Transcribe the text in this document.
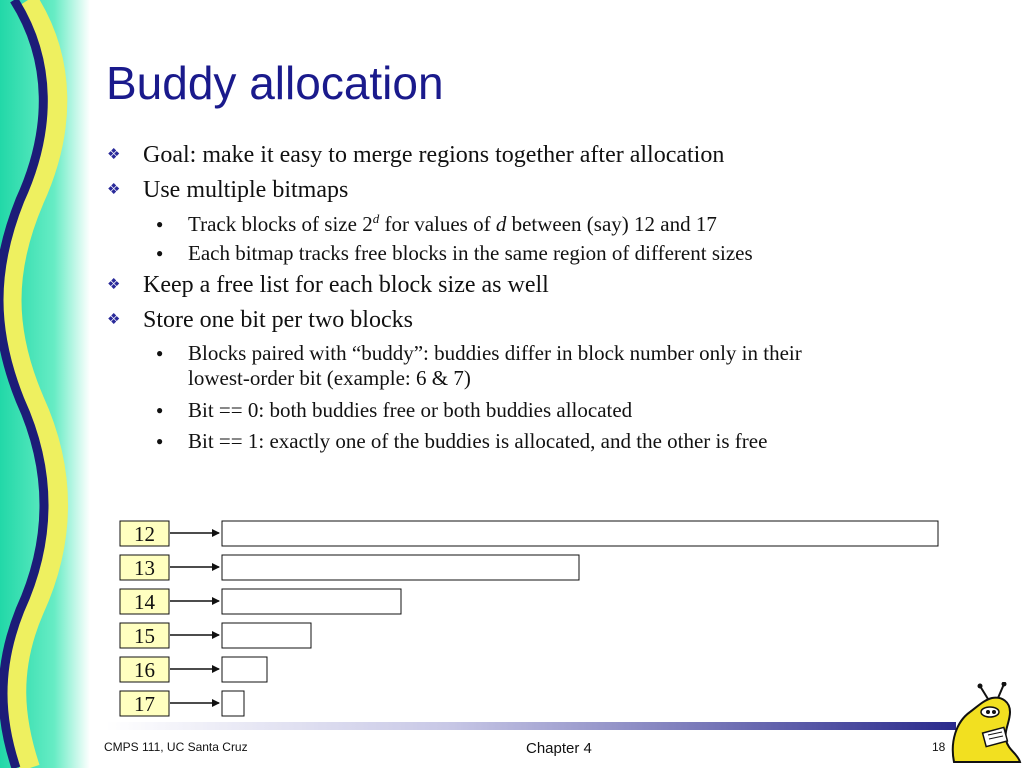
Buddy allocation
❖ Goal: make it easy to merge regions together after allocation
❖ Use multiple bitmaps
● Track blocks of size 2$^d$ for values of d between (say) 12 and 17
● Each bitmap tracks free blocks in the same region of different sizes
❖ Keep a free list for each block size as well
❖ Store one bit per two blocks
● Blocks paired with “buddy”: buddies differ in block number only in their
lowest-order bit (example: 6 & 7)
● Bit == 0: both buddies free or both buddies allocated
● Bit == 1: exactly one of the buddies is allocated, and the other is free
12
13
14
15
16
17
CMPS 111, UC Santa Cruz	Chapter 4	18
